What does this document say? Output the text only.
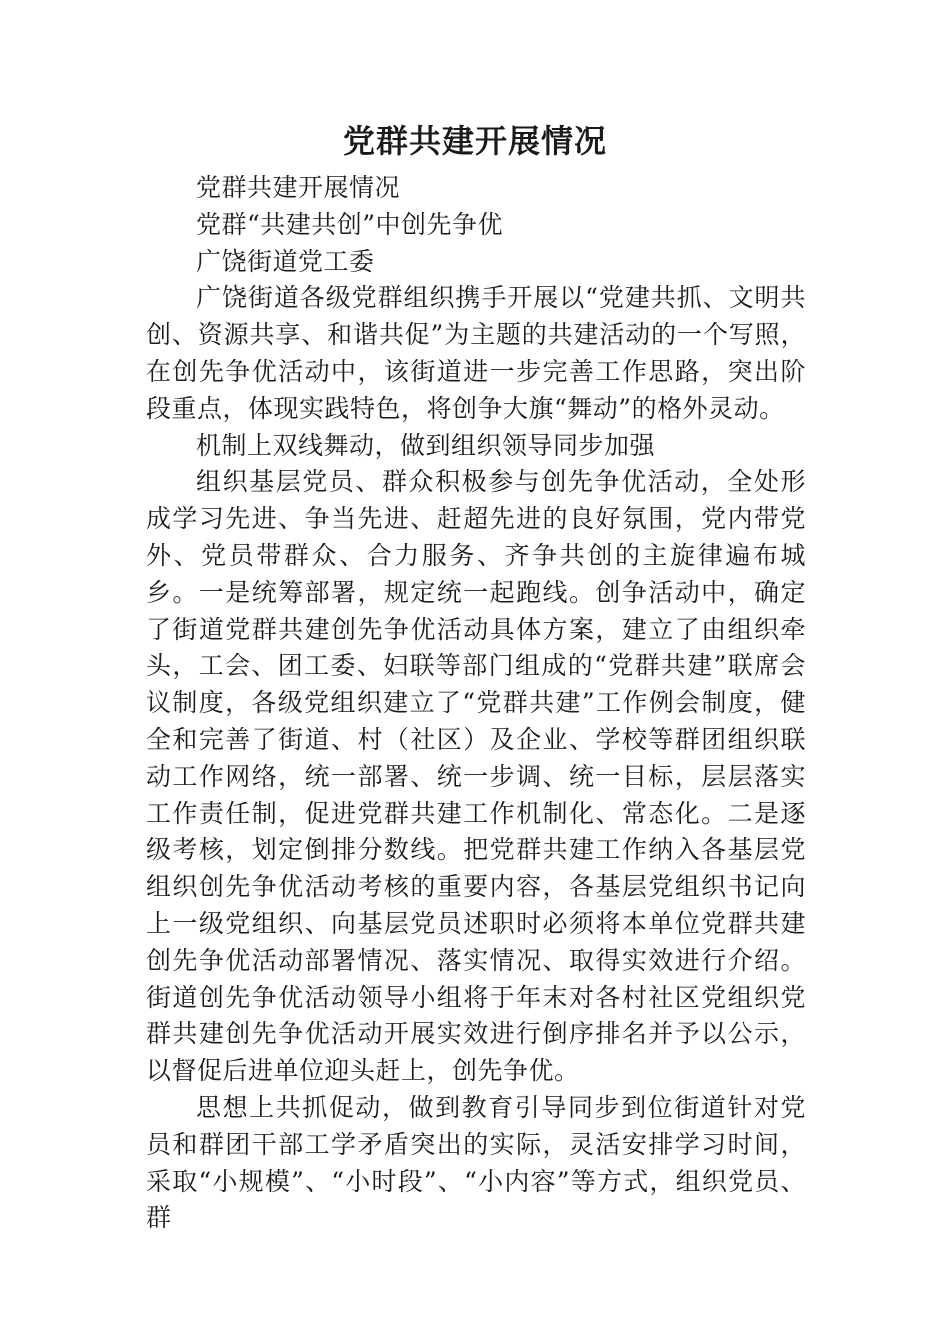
党群共建开展情况

党群共建开展情况

党群“共建共创”中创先争优

广饶街道党工委

广饶街道各级党群组织携手开展以“党建共抓、文明共创、资源共享、和谐共促”为主题的共建活动的一个写照，在创先争优活动中，该街道进一步完善工作思路，突出阶段重点，体现实践特色，将创争大旗“舞动”的格外灵动。

机制上双线舞动，做到组织领导同步加强

组织基层党员、群众积极参与创先争优活动，全处形成学习先进、争当先进、赶超先进的良好氛围，党内带党外、党员带群众、合力服务、齐争共创的主旋律遍布城乡。一是统筹部署，规定统一起跑线。创争活动中，确定了街道党群共建创先争优活动具体方案，建立了由组织牵头，工会、团工委、妇联等部门组成的“党群共建”联席会议制度，各级党组织建立了“党群共建”工作例会制度，健全和完善了街道、村（社区）及企业、学校等群团组织联动工作网络，统一部署、统一步调、统一目标，层层落实工作责任制，促进党群共建工作机制化、常态化。二是逐级考核，划定倒排分数线。把党群共建工作纳入各基层党组织创先争优活动考核的重要内容，各基层党组织书记向上一级党组织、向基层党员述职时必须将本单位党群共建创先争优活动部署情况、落实情况、取得实效进行介绍。街道创先争优活动领导小组将于年末对各村社区党组织党群共建创先争优活动开展实效进行倒序排名并予以公示，以督促后进单位迎头赶上，创先争优。

思想上共抓促动，做到教育引导同步到位街道针对党员和群团干部工学矛盾突出的实际，灵活安排学习时间，采取“小规模”、“小时段”、“小内容”等方式，组织党员、群
